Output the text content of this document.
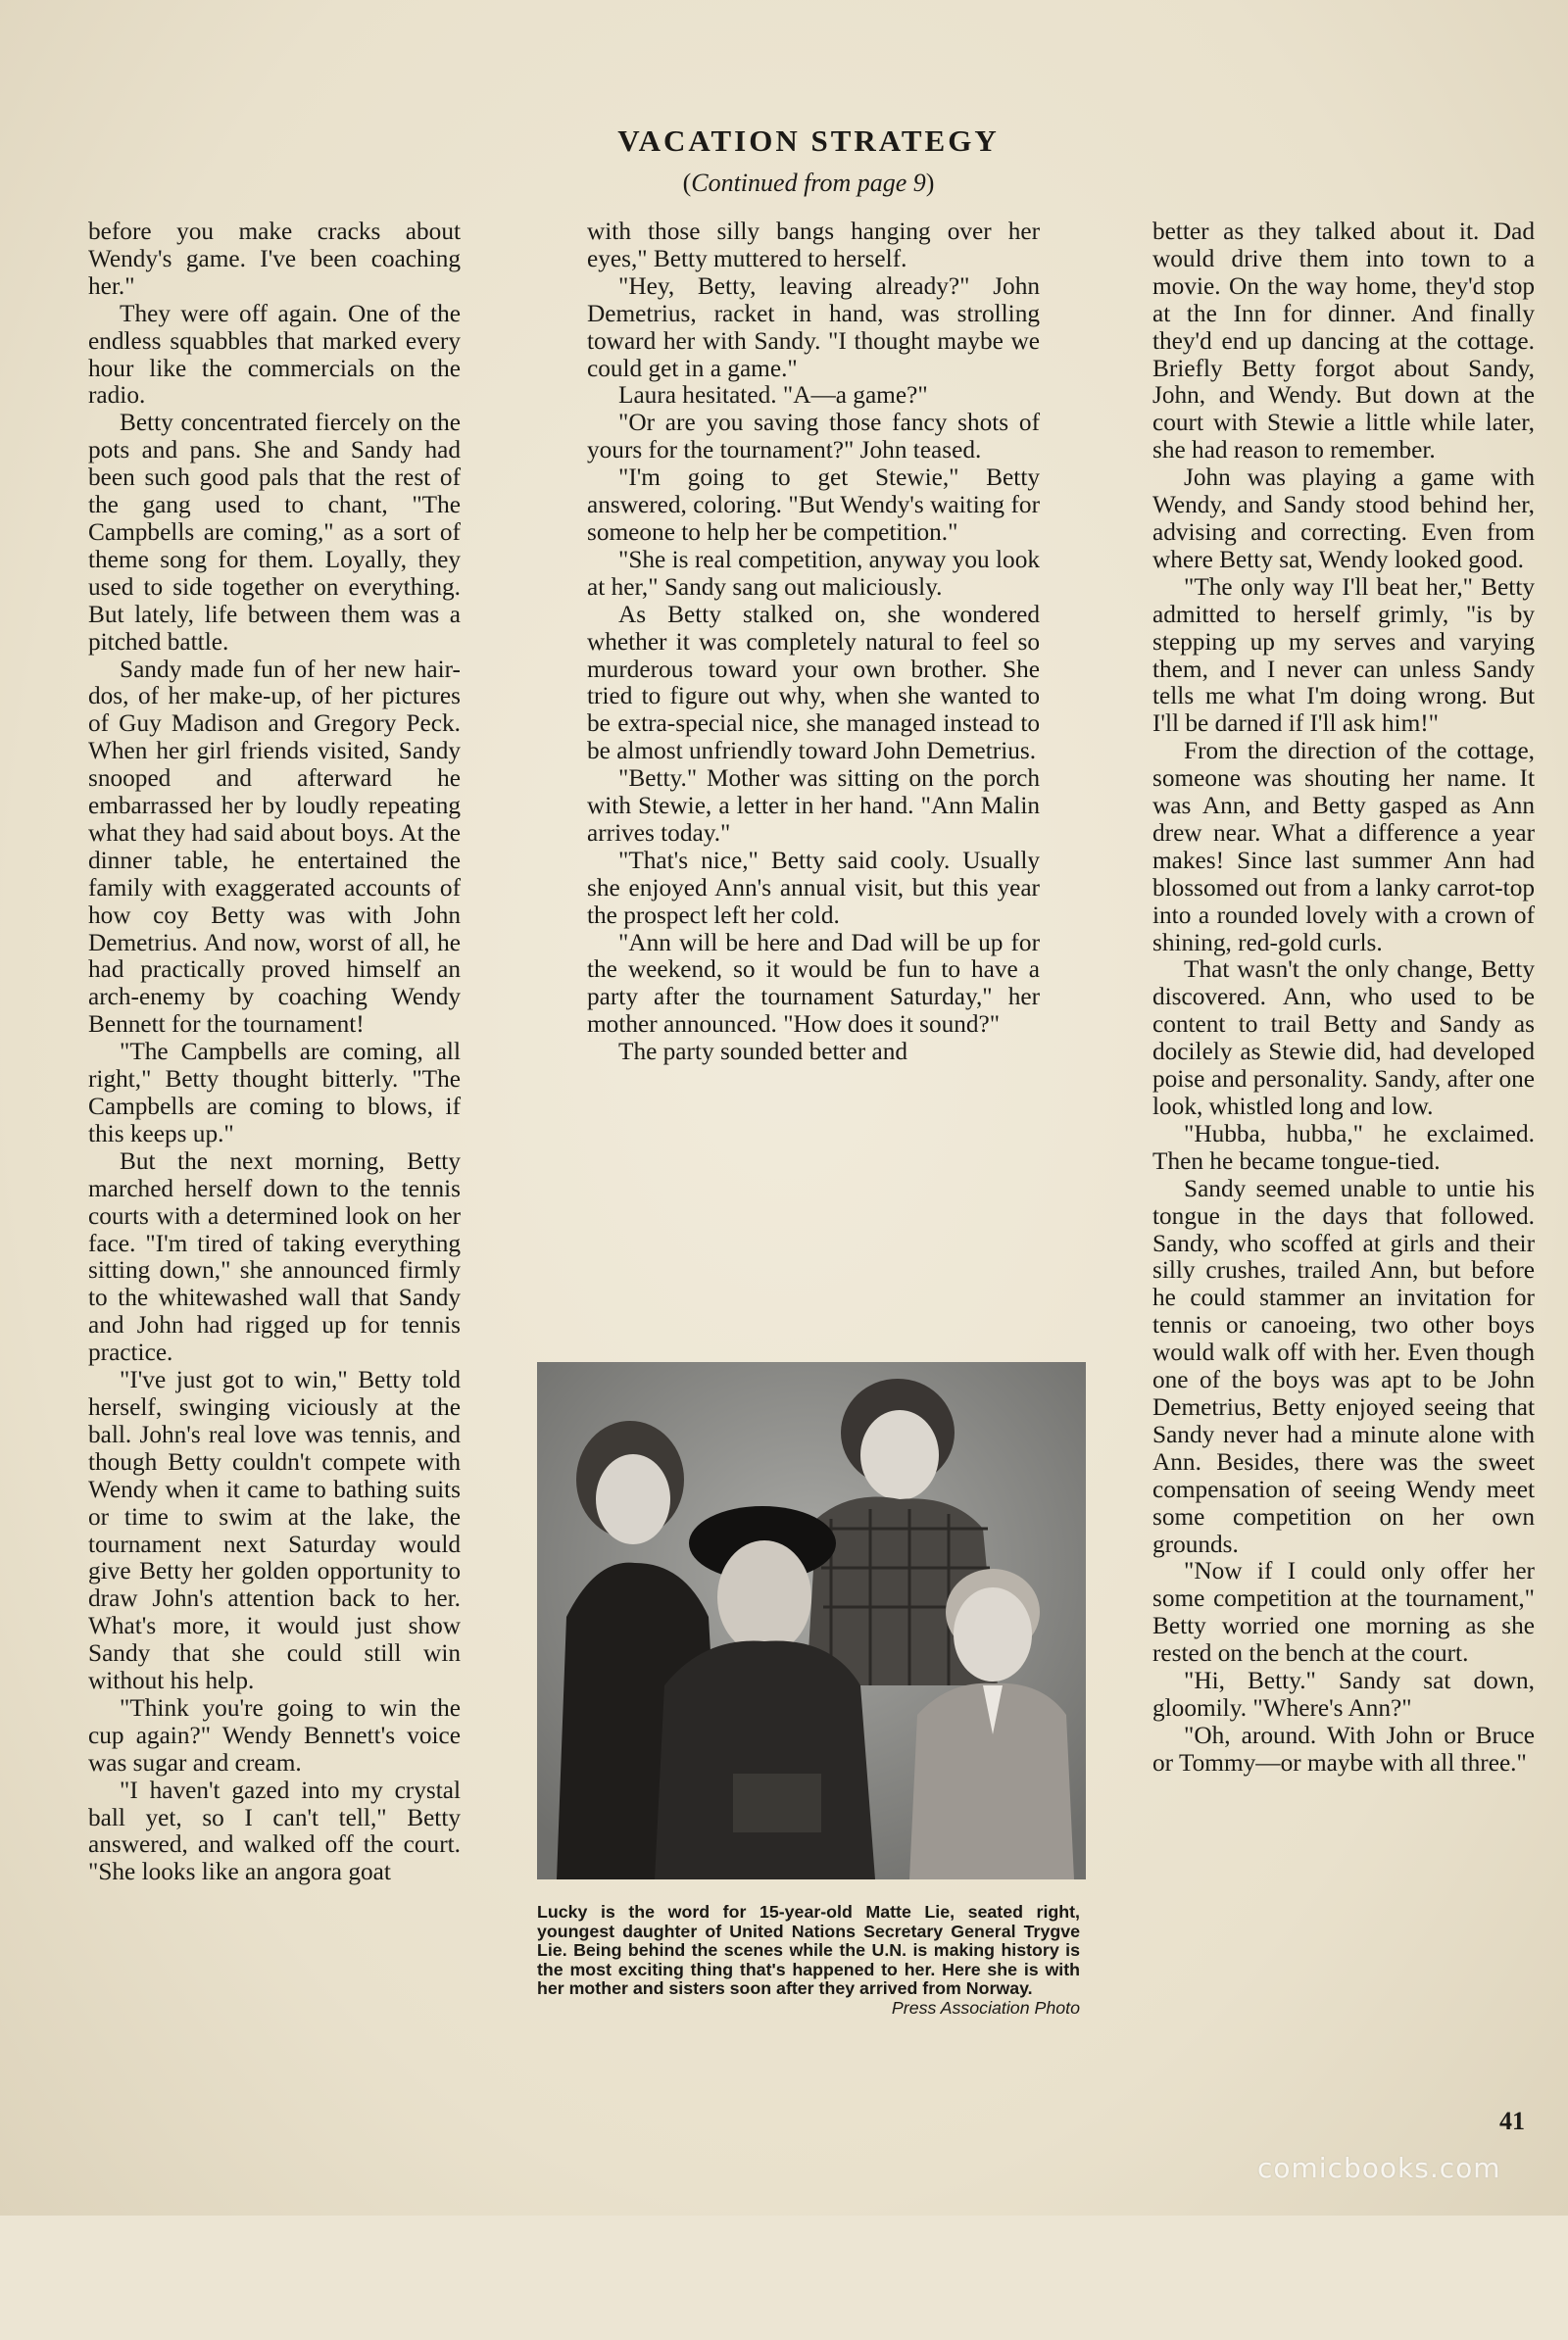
VACATION STRATEGY
(Continued from page 9)

before you make cracks about Wendy's game. I've been coaching her."

They were off again. One of the endless squabbles that marked every hour like the commercials on the radio.

Betty concentrated fiercely on the pots and pans. She and Sandy had been such good pals that the rest of the gang used to chant, "The Campbells are coming," as a sort of theme song for them. Loyally, they used to side together on everything. But lately, life between them was a pitched battle.

Sandy made fun of her new hair-dos, of her make-up, of her pictures of Guy Madison and Gregory Peck. When her girl friends visited, Sandy snooped and afterward he embarrassed her by loudly repeating what they had said about boys. At the dinner table, he entertained the family with exaggerated accounts of how coy Betty was with John Demetrius. And now, worst of all, he had practically proved himself an arch-enemy by coaching Wendy Bennett for the tournament!

"The Campbells are coming, all right," Betty thought bitterly. "The Campbells are coming to blows, if this keeps up."

But the next morning, Betty marched herself down to the tennis courts with a determined look on her face. "I'm tired of taking everything sitting down," she announced firmly to the whitewashed wall that Sandy and John had rigged up for tennis practice.

"I've just got to win," Betty told herself, swinging viciously at the ball. John's real love was tennis, and though Betty couldn't compete with Wendy when it came to bathing suits or time to swim at the lake, the tournament next Saturday would give Betty her golden opportunity to draw John's attention back to her. What's more, it would just show Sandy that she could still win without his help.

"Think you're going to win the cup again?" Wendy Bennett's voice was sugar and cream.

"I haven't gazed into my crystal ball yet, so I can't tell," Betty answered, and walked off the court. "She looks like an angora goat

with those silly bangs hanging over her eyes," Betty muttered to herself.

"Hey, Betty, leaving already?" John Demetrius, racket in hand, was strolling toward her with Sandy. "I thought maybe we could get in a game."

Laura hesitated. "A—a game?"

"Or are you saving those fancy shots of yours for the tournament?" John teased.

"I'm going to get Stewie," Betty answered, coloring. "But Wendy's waiting for someone to help her be competition."

"She is real competition, anyway you look at her," Sandy sang out maliciously.

As Betty stalked on, she wondered whether it was completely natural to feel so murderous toward your own brother. She tried to figure out why, when she wanted to be extra-special nice, she managed instead to be almost unfriendly toward John Demetrius.

"Betty." Mother was sitting on the porch with Stewie, a letter in her hand. "Ann Malin arrives today."

"That's nice," Betty said cooly. Usually she enjoyed Ann's annual visit, but this year the prospect left her cold.

"Ann will be here and Dad will be up for the weekend, so it would be fun to have a party after the tournament Saturday," her mother announced. "How does it sound?"

The party sounded better and

better as they talked about it. Dad would drive them into town to a movie. On the way home, they'd stop at the Inn for dinner. And finally they'd end up dancing at the cottage. Briefly Betty forgot about Sandy, John, and Wendy. But down at the court with Stewie a little while later, she had reason to remember.

John was playing a game with Wendy, and Sandy stood behind her, advising and correcting. Even from where Betty sat, Wendy looked good.

"The only way I'll beat her," Betty admitted to herself grimly, "is by stepping up my serves and varying them, and I never can unless Sandy tells me what I'm doing wrong. But I'll be darned if I'll ask him!"

From the direction of the cottage, someone was shouting her name. It was Ann, and Betty gasped as Ann drew near. What a difference a year makes! Since last summer Ann had blossomed out from a lanky carrot-top into a rounded lovely with a crown of shining, red-gold curls.

That wasn't the only change, Betty discovered. Ann, who used to be content to trail Betty and Sandy as docilely as Stewie did, had developed poise and personality. Sandy, after one look, whistled long and low.

"Hubba, hubba," he exclaimed. Then he became tongue-tied.

Sandy seemed unable to untie his tongue in the days that followed. Sandy, who scoffed at girls and their silly crushes, trailed Ann, but before he could stammer an invitation for tennis or canoeing, two other boys would walk off with her. Even though one of the boys was apt to be John Demetrius, Betty enjoyed seeing that Sandy never had a minute alone with Ann. Besides, there was the sweet compensation of seeing Wendy meet some competition on her own grounds.

"Now if I could only offer her some competition at the tournament," Betty worried one morning as she rested on the bench at the court.

"Hi, Betty." Sandy sat down, gloomily. "Where's Ann?"

"Oh, around. With John or Bruce or Tommy—or maybe with all three."

Lucky is the word for 15-year-old Matte Lie, seated right, youngest daughter of United Nations Secretary General Trygve Lie. Being behind the scenes while the U.N. is making history is the most exciting thing that's happened to her. Here she is with her mother and sisters soon after they arrived from Norway.
Press Association Photo
41
comicbooks.com
